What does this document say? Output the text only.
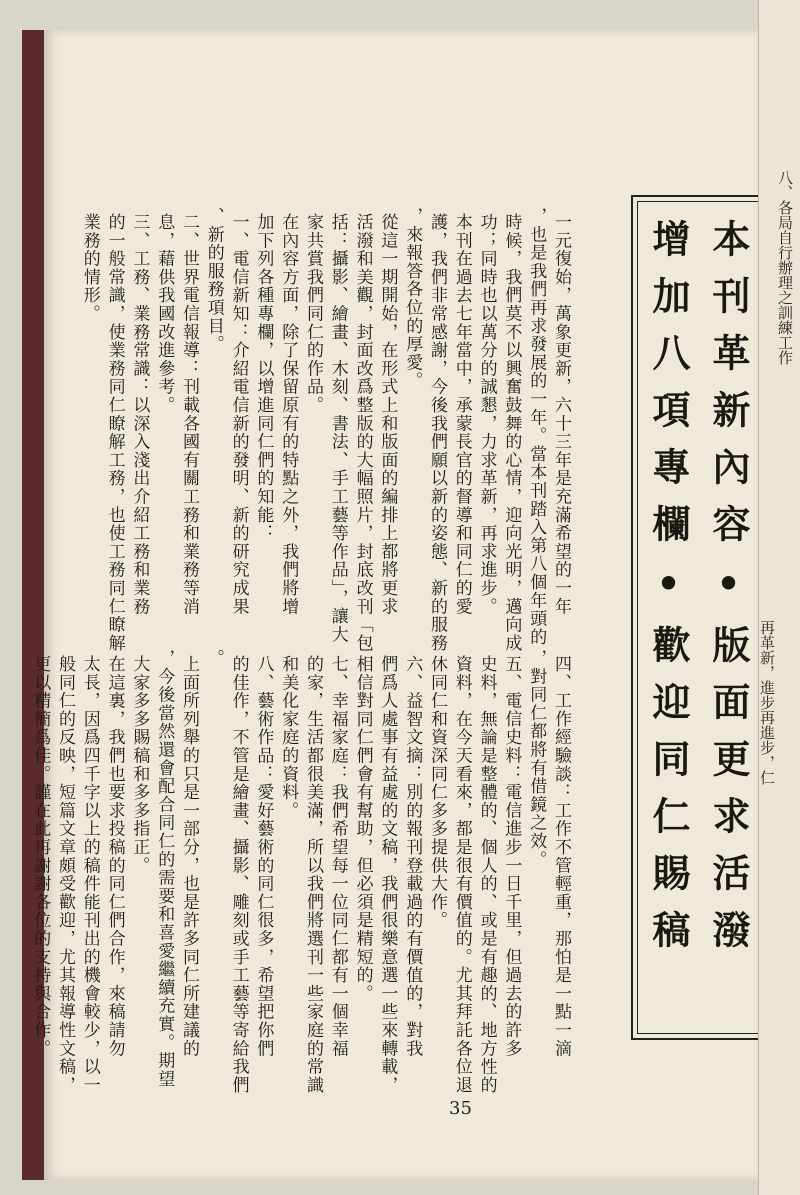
本刊革新內容•版面更求活潑
增加八項專欄•歡迎同仁賜稿
一元復始，萬象更新，六十三年是充滿希望的一年
，也是我們再求發展的一年。當本刊踏入第八個年頭的
時候，我們莫不以興奮鼓舞的心情，迎向光明，邁向成
功；同時也以萬分的誠懇，力求革新，再求進步。
本刊在過去七年當中，承蒙長官的督導和同仁的愛
護，我們非常感謝，今後我們願以新的姿態、新的服務
，來報答各位的厚愛。
從這一期開始，在形式上和版面的編排上都將更求
活潑和美觀，封面改爲整版的大幅照片，封底改刊「包
括：攝影、繪畫、木刻、書法、手工藝等作品」，讓大
家共賞我們同仁的作品。
在內容方面，除了保留原有的特點之外，我們將增
加下列各種專欄，以增進同仁們的知能：
一、電信新知：介紹電信新的發明、新的研究成果
、新的服務項目。
二、世界電信報導：刊載各國有關工務和業務等消
息，藉供我國改進參考。
三、工務、業務常識：以深入淺出介紹工務和業務
的一般常識，使業務同仁瞭解工務，也使工務同仁瞭解
業務的情形。
四、工作經驗談：工作不管輕重，那怕是一點一滴
，對同仁都將有借鏡之效。
五、電信史料：電信進步一日千里，但過去的許多
史料，無論是整體的、個人的、或是有趣的、地方性的
資料，在今天看來，都是很有價值的。尤其拜託各位退
休同仁和資深同仁多多提供大作。
六、益智文摘：別的報刊登載過的有價值的，對我
們爲人處事有益處的文稿，我們很樂意選一些來轉載，
相信對同仁們會有幫助，但必須是精短的。
七、幸福家庭：我們希望每一位同仁都有一個幸福
的家，生活都很美滿，所以我們將選刊一些家庭的常識
和美化家庭的資料。
八、藝術作品：愛好藝術的同仁很多，希望把你們
的佳作，不管是繪畫、攝影、雕刻或手工藝等寄給我們
。
上面所列舉的只是一部分，也是許多同仁所建議的
，今後當然還會配合同仁的需要和喜愛繼續充實。期望
大家多多賜稿和多多指正。
在這裏，我們也要求投稿的同仁們合作，來稿請勿
太長，因爲四千字以上的稿件能刊出的機會較少，以一
般同仁的反映，短篇文章頗受歡迎，尤其報導性文稿，
更以精簡爲佳。謹在此再謝謝各位的支持與合作。
35
八、各局自行辦理之訓練工作
再革新，進步再進步，仁
